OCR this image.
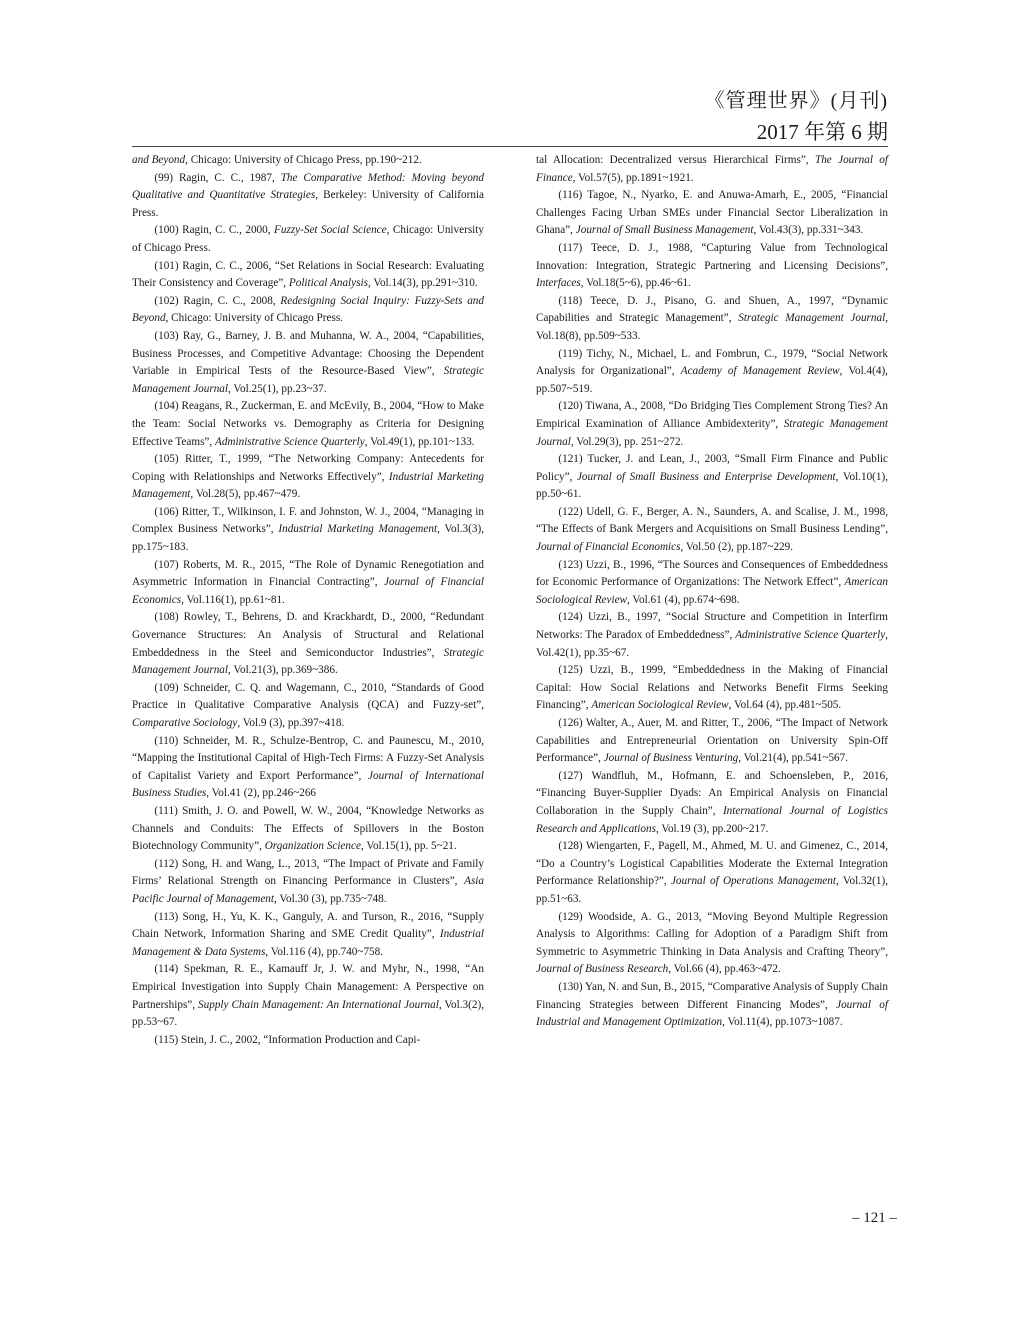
《管理世界》(月刊)
2017 年第 6 期

and Beyond, Chicago: University of Chicago Press, pp.190~212.

(99) Ragin, C. C., 1987, The Comparative Method: Moving beyond Qualitative and Quantitative Strategies, Berkeley: University of California Press.

(100) Ragin, C. C., 2000, Fuzzy-Set Social Science, Chicago: University of Chicago Press.

(101) Ragin, C. C., 2006, “Set Relations in Social Research: Evaluating Their Consistency and Coverage”, Political Analysis, Vol.14(3), pp.291~310.

(102) Ragin, C. C., 2008, Redesigning Social Inquiry: Fuzzy-Sets and Beyond, Chicago: University of Chicago Press.

(103) Ray, G., Barney, J. B. and Muhanna, W. A., 2004, “Capabilities, Business Processes, and Competitive Advantage: Choosing the Dependent Variable in Empirical Tests of the Resource-Based View”, Strategic Management Journal, Vol.25(1), pp.23~37.

(104) Reagans, R., Zuckerman, E. and McEvily, B., 2004, “How to Make the Team: Social Networks vs. Demography as Criteria for Designing Effective Teams”, Administrative Science Quarterly, Vol.49(1), pp.101~133.

(105) Ritter, T., 1999, “The Networking Company: Antecedents for Coping with Relationships and Networks Effectively”, Industrial Marketing Management, Vol.28(5), pp.467~479.

(106) Ritter, T., Wilkinson, I. F. and Johnston, W. J., 2004, “Managing in Complex Business Networks”, Industrial Marketing Management, Vol.3(3), pp.175~183.

(107) Roberts, M. R., 2015, “The Role of Dynamic Renegotiation and Asymmetric Information in Financial Contracting”, Journal of Financial Economics, Vol.116(1), pp.61~81.

(108) Rowley, T., Behrens, D. and Krackhardt, D., 2000, “Redundant Governance Structures: An Analysis of Structural and Relational Embeddedness in the Steel and Semiconductor Industries”, Strategic Management Journal, Vol.21(3), pp.369~386.

(109) Schneider, C. Q. and Wagemann, C., 2010, “Standards of Good Practice in Qualitative Comparative Analysis (QCA) and Fuzzy-set”, Comparative Sociology, Vol.9 (3), pp.397~418.

(110) Schneider, M. R., Schulze-Bentrop, C. and Paunescu, M., 2010, “Mapping the Institutional Capital of High-Tech Firms: A Fuzzy-Set Analysis of Capitalist Variety and Export Performance”, Journal of International Business Studies, Vol.41 (2), pp.246~266

(111) Smith, J. O. and Powell, W. W., 2004, “Knowledge Networks as Channels and Conduits: The Effects of Spillovers in the Boston Biotechnology Community”, Organization Science, Vol.15(1), pp. 5~21.

(112) Song, H. and Wang, L., 2013, “The Impact of Private and Family Firms’ Relational Strength on Financing Performance in Clusters”, Asia Pacific Journal of Management, Vol.30 (3), pp.735~748.

(113) Song, H., Yu, K. K., Ganguly, A. and Turson, R., 2016, “Supply Chain Network, Information Sharing and SME Credit Quality”, Industrial Management & Data Systems, Vol.116 (4), pp.740~758.

(114) Spekman, R. E., Kamauff Jr, J. W. and Myhr, N., 1998, “An Empirical Investigation into Supply Chain Management: A Perspective on Partnerships”, Supply Chain Management: An International Journal, Vol.3(2), pp.53~67.

(115) Stein, J. C., 2002, “Information Production and Capi-

tal Allocation: Decentralized versus Hierarchical Firms”, The Journal of Finance, Vol.57(5), pp.1891~1921.

(116) Tagoe, N., Nyarko, E. and Anuwa-Amarh, E., 2005, “Financial Challenges Facing Urban SMEs under Financial Sector Liberalization in Ghana”, Journal of Small Business Management, Vol.43(3), pp.331~343.

(117) Teece, D. J., 1988, “Capturing Value from Technological Innovation: Integration, Strategic Partnering and Licensing Decisions”, Interfaces, Vol.18(5~6), pp.46~61.

(118) Teece, D. J., Pisano, G. and Shuen, A., 1997, “Dynamic Capabilities and Strategic Management”, Strategic Management Journal, Vol.18(8), pp.509~533.

(119) Tichy, N., Michael, L. and Fombrun, C., 1979, “Social Network Analysis for Organizational”, Academy of Management Review, Vol.4(4), pp.507~519.

(120) Tiwana, A., 2008, “Do Bridging Ties Complement Strong Ties? An Empirical Examination of Alliance Ambidexterity”, Strategic Management Journal, Vol.29(3), pp. 251~272.

(121) Tucker, J. and Lean, J., 2003, “Small Firm Finance and Public Policy”, Journal of Small Business and Enterprise Development, Vol.10(1), pp.50~61.

(122) Udell, G. F., Berger, A. N., Saunders, A. and Scalise, J. M., 1998, “The Effects of Bank Mergers and Acquisitions on Small Business Lending”, Journal of Financial Economics, Vol.50 (2), pp.187~229.

(123) Uzzi, B., 1996, “The Sources and Consequences of Embeddedness for Economic Performance of Organizations: The Network Effect”, American Sociological Review, Vol.61 (4), pp.674~698.

(124) Uzzi, B., 1997, “Social Structure and Competition in Interfirm Networks: The Paradox of Embeddedness”, Administrative Science Quarterly, Vol.42(1), pp.35~67.

(125) Uzzi, B., 1999, “Embeddedness in the Making of Financial Capital: How Social Relations and Networks Benefit Firms Seeking Financing”, American Sociological Review, Vol.64 (4), pp.481~505.

(126) Walter, A., Auer, M. and Ritter, T., 2006, “The Impact of Network Capabilities and Entrepreneurial Orientation on University Spin-Off Performance”, Journal of Business Venturing, Vol.21(4), pp.541~567.

(127) Wandfluh, M., Hofmann, E. and Schoensleben, P., 2016, “Financing Buyer-Supplier Dyads: An Empirical Analysis on Financial Collaboration in the Supply Chain”, International Journal of Logistics Research and Applications, Vol.19 (3), pp.200~217.

(128) Wiengarten, F., Pagell, M., Ahmed, M. U. and Gimenez, C., 2014, “Do a Country’s Logistical Capabilities Moderate the External Integration Performance Relationship?”, Journal of Operations Management, Vol.32(1), pp.51~63.

(129) Woodside, A. G., 2013, “Moving Beyond Multiple Regression Analysis to Algorithms: Calling for Adoption of a Paradigm Shift from Symmetric to Asymmetric Thinking in Data Analysis and Crafting Theory”, Journal of Business Research, Vol.66 (4), pp.463~472.

(130) Yan, N. and Sun, B., 2015, “Comparative Analysis of Supply Chain Financing Strategies between Different Financing Modes”, Journal of Industrial and Management Optimization, Vol.11(4), pp.1073~1087.

– 121 –
